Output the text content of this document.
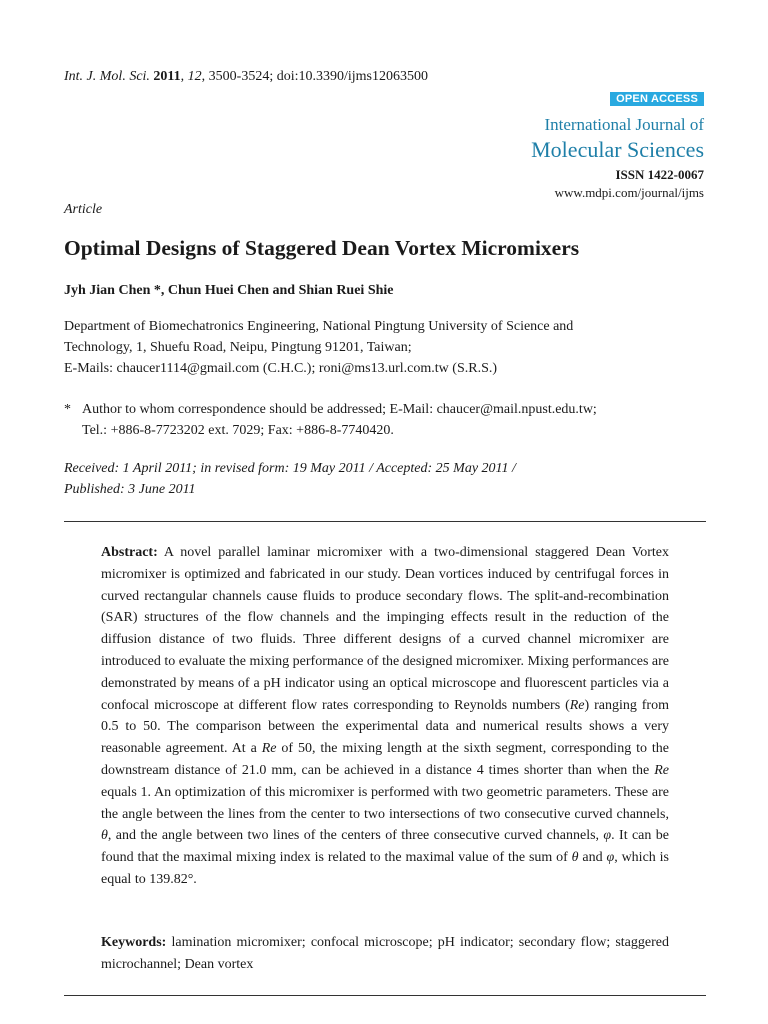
Int. J. Mol. Sci. 2011, 12, 3500-3524; doi:10.3390/ijms12063500
OPEN ACCESS
International Journal of
Molecular Sciences
ISSN 1422-0067
www.mdpi.com/journal/ijms
Article
Optimal Designs of Staggered Dean Vortex Micromixers
Jyh Jian Chen *, Chun Huei Chen and Shian Ruei Shie
Department of Biomechatronics Engineering, National Pingtung University of Science and
Technology, 1, Shuefu Road, Neipu, Pingtung 91201, Taiwan;
E-Mails: chaucer1114@gmail.com (C.H.C.); roni@ms13.url.com.tw (S.R.S.)
* Author to whom correspondence should be addressed; E-Mail: chaucer@mail.npust.edu.tw;
Tel.: +886-8-7723202 ext. 7029; Fax: +886-8-7740420.
Received: 1 April 2011; in revised form: 19 May 2011 / Accepted: 25 May 2011 /
Published: 3 June 2011
Abstract: A novel parallel laminar micromixer with a two-dimensional staggered Dean Vortex micromixer is optimized and fabricated in our study. Dean vortices induced by centrifugal forces in curved rectangular channels cause fluids to produce secondary flows. The split-and-recombination (SAR) structures of the flow channels and the impinging effects result in the reduction of the diffusion distance of two fluids. Three different designs of a curved channel micromixer are introduced to evaluate the mixing performance of the designed micromixer. Mixing performances are demonstrated by means of a pH indicator using an optical microscope and fluorescent particles via a confocal microscope at different flow rates corresponding to Reynolds numbers (Re) ranging from 0.5 to 50. The comparison between the experimental data and numerical results shows a very reasonable agreement. At a Re of 50, the mixing length at the sixth segment, corresponding to the downstream distance of 21.0 mm, can be achieved in a distance 4 times shorter than when the Re equals 1. An optimization of this micromixer is performed with two geometric parameters. These are the angle between the lines from the center to two intersections of two consecutive curved channels, θ, and the angle between two lines of the centers of three consecutive curved channels, φ. It can be found that the maximal mixing index is related to the maximal value of the sum of θ and φ, which is equal to 139.82°.
Keywords: lamination micromixer; confocal microscope; pH indicator; secondary flow; staggered microchannel; Dean vortex
